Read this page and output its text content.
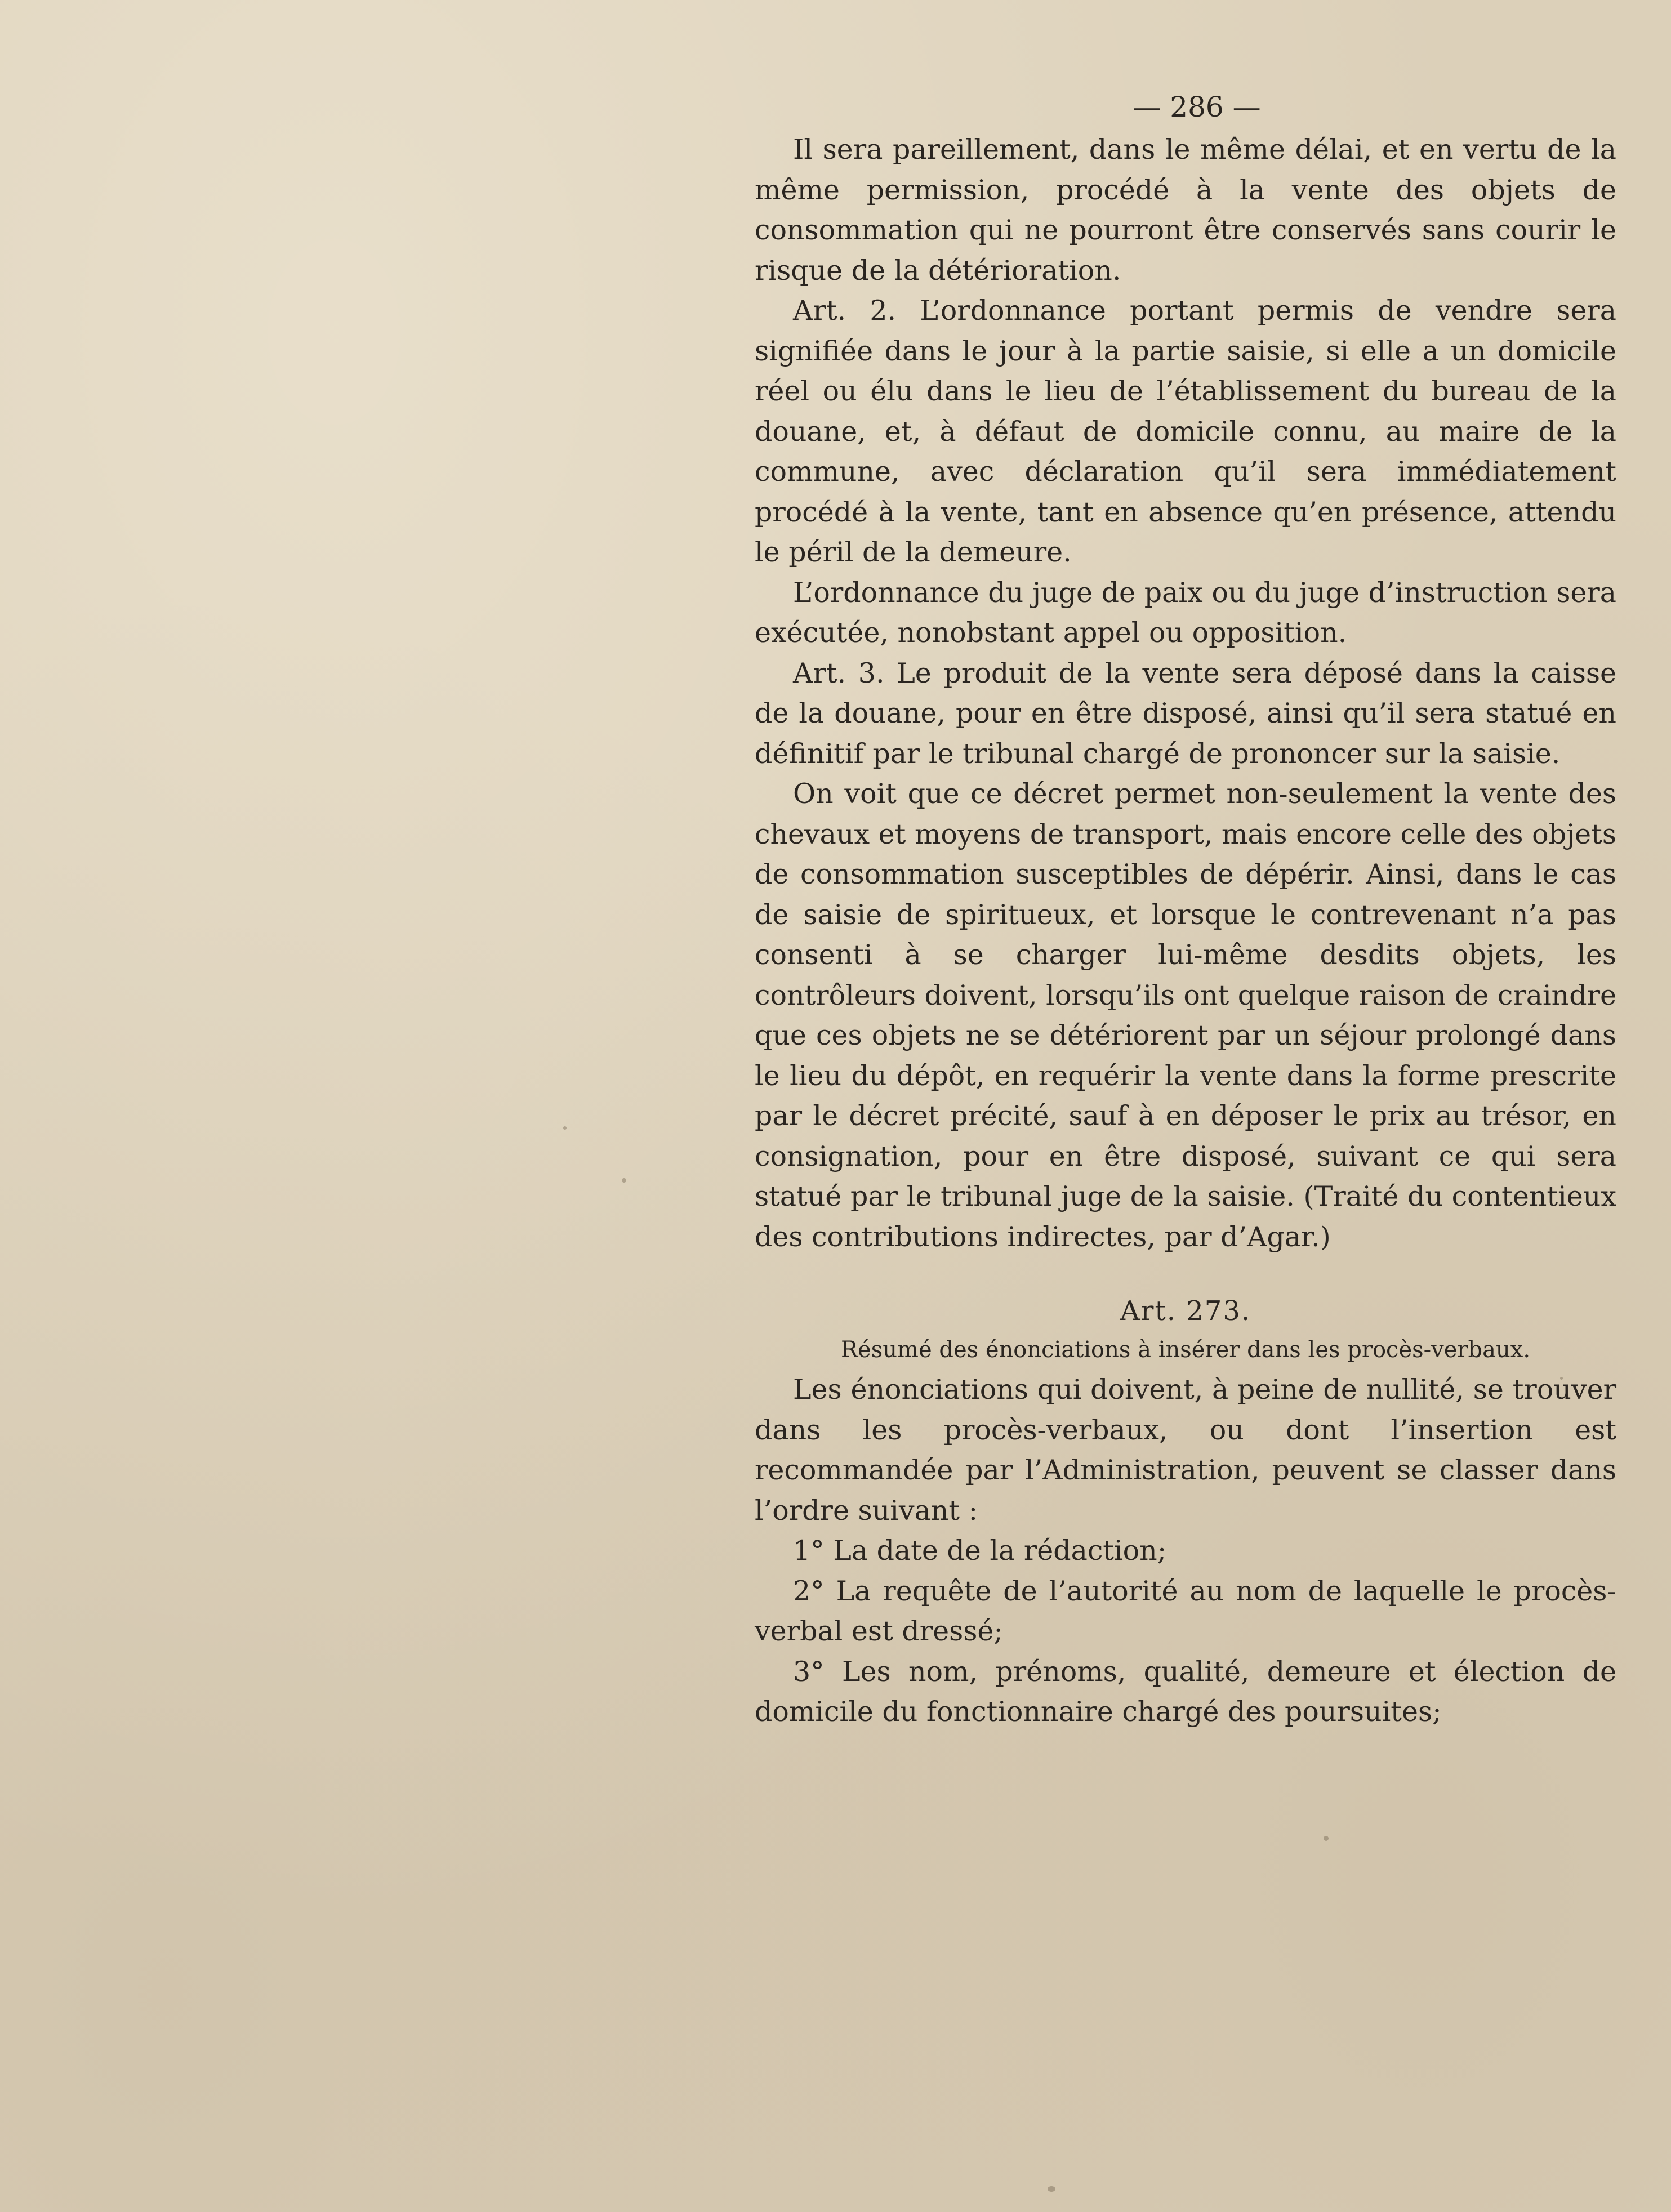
— 286 —

Il sera pareillement, dans le même délai, et en vertu de la même permission, procédé à la vente des objets de consommation qui ne pourront être conservés sans courir le risque de la détérioration.

Art. 2. L’ordonnance portant permis de vendre sera signifiée dans le jour à la partie saisie, si elle a un domicile réel ou élu dans le lieu de l’établissement du bureau de la douane, et, à défaut de domicile connu, au maire de la commune, avec déclaration qu’il sera immédiatement procédé à la vente, tant en absence qu’en présence, attendu le péril de la demeure.

L’ordonnance du juge de paix ou du juge d’instruction sera exécutée, nonobstant appel ou opposition.

Art. 3. Le produit de la vente sera déposé dans la caisse de la douane, pour en être disposé, ainsi qu’il sera statué en définitif par le tribunal chargé de prononcer sur la saisie.

On voit que ce décret permet non-seulement la vente des chevaux et moyens de transport, mais encore celle des objets de consommation susceptibles de dépérir. Ainsi, dans le cas de saisie de spiritueux, et lorsque le contrevenant n’a pas consenti à se charger lui-même desdits objets, les contrôleurs doivent, lorsqu’ils ont quelque raison de craindre que ces objets ne se détériorent par un séjour prolongé dans le lieu du dépôt, en requérir la vente dans la forme prescrite par le décret précité, sauf à en déposer le prix au trésor, en consignation, pour en être disposé, suivant ce qui sera statué par le tribunal juge de la saisie. (Traité du contentieux des contributions indirectes, par d’Agar.)

Art. 273.
Résumé des énonciations à insérer dans les procès-verbaux.

Les énonciations qui doivent, à peine de nullité, se trouver dans les procès-verbaux, ou dont l’insertion est recommandée par l’Administration, peuvent se classer dans l’ordre suivant :

1° La date de la rédaction;

2° La requête de l’autorité au nom de laquelle le procès-verbal est dressé;

3° Les nom, prénoms, qualité, demeure et élection de domicile du fonctionnaire chargé des poursuites;
